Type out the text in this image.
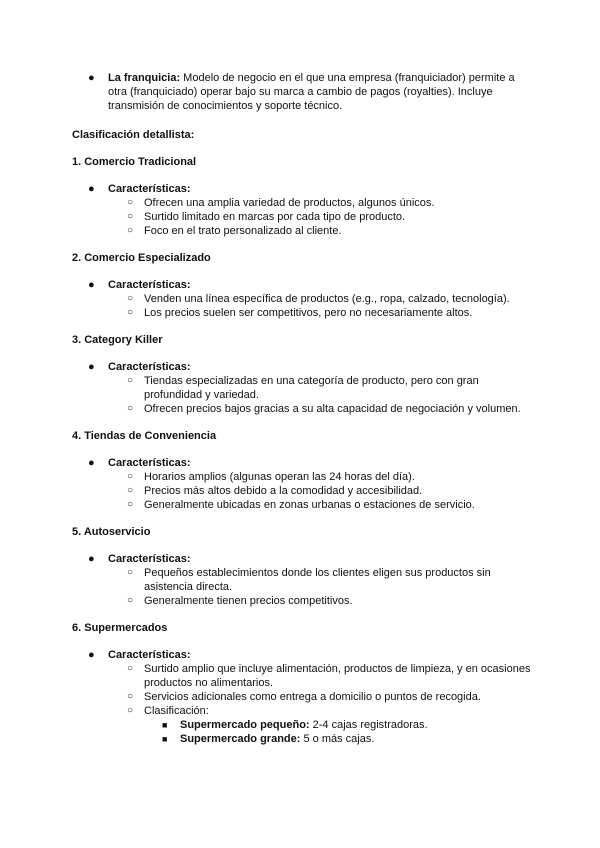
● La franquicia: Modelo de negocio en el que una empresa (franquiciador) permite a otra (franquiciado) operar bajo su marca a cambio de pagos (royalties). Incluye transmisión de conocimientos y soporte técnico.
Clasificación detallista:
1. Comercio Tradicional
● Características:
○ Ofrecen una amplia variedad de productos, algunos únicos.
○ Surtido limitado en marcas por cada tipo de producto.
○ Foco en el trato personalizado al cliente.
2. Comercio Especializado
● Características:
○ Venden una línea específica de productos (e.g., ropa, calzado, tecnología).
○ Los precios suelen ser competitivos, pero no necesariamente altos.
3. Category Killer
● Características:
○ Tiendas especializadas en una categoría de producto, pero con gran profundidad y variedad.
○ Ofrecen precios bajos gracias a su alta capacidad de negociación y volumen.
4. Tiendas de Conveniencia
● Características:
○ Horarios amplios (algunas operan las 24 horas del día).
○ Precios más altos debido a la comodidad y accesibilidad.
○ Generalmente ubicadas en zonas urbanas o estaciones de servicio.
5. Autoservicio
● Características:
○ Pequeños establecimientos donde los clientes eligen sus productos sin asistencia directa.
○ Generalmente tienen precios competitivos.
6. Supermercados
● Características:
○ Surtido amplio que incluye alimentación, productos de limpieza, y en ocasiones productos no alimentarios.
○ Servicios adicionales como entrega a domicilio o puntos de recogida.
○ Clasificación:
■ Supermercado pequeño: 2-4 cajas registradoras.
■ Supermercado grande: 5 o más cajas.
